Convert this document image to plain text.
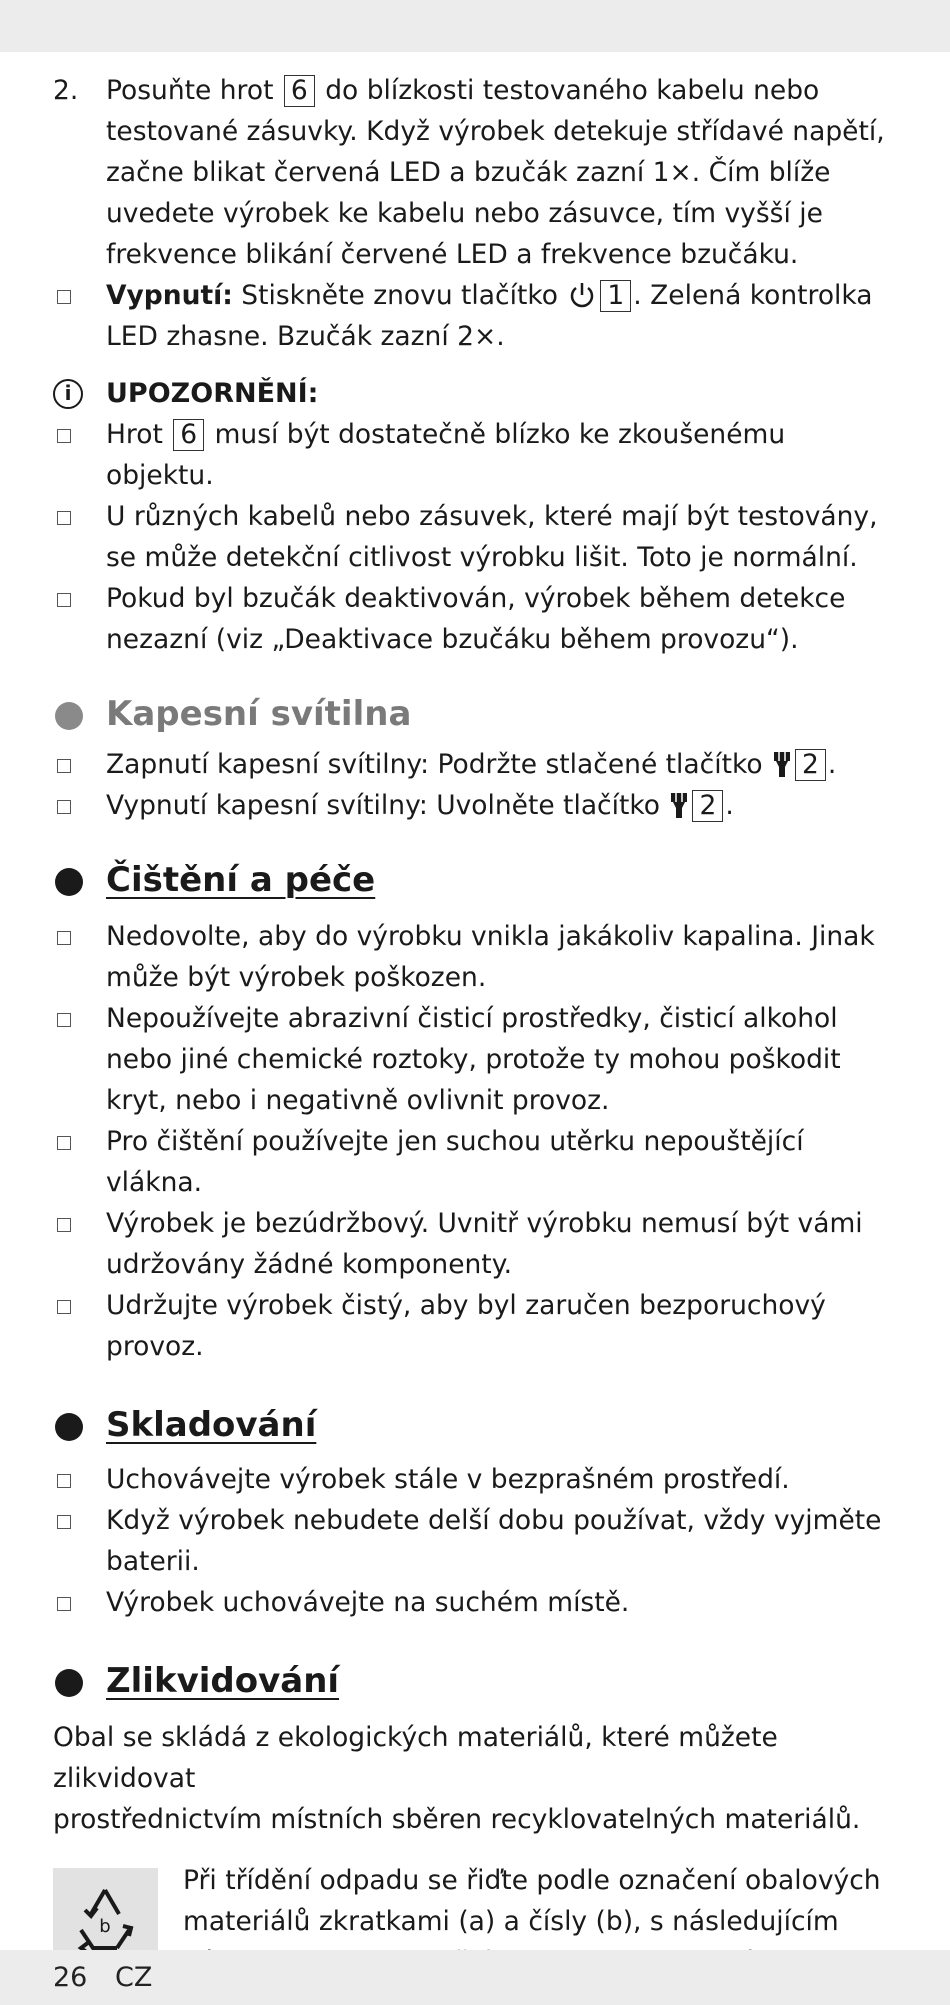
2. Posuňte hrot 6 do blízkosti testovaného kabelu nebo
testované zásuvky. Když výrobek detekuje střídavé napětí,
začne blikat červená LED a bzučák zazní 1×. Čím blíže
uvedete výrobek ke kabelu nebo zásuvce, tím vyšší je
frekvence blikání červené LED a frekvence bzučáku.
Vypnutí: Stiskněte znovu tlačítko 1 . Zelená kontrolka
LED zhasne. Bzučák zazní 2×.
i	UPOZORNĚNÍ:
Hrot 6 musí být dostatečně blízko ke zkoušenému objektu.
U různých kabelů nebo zásuvek, které mají být testovány,
se může detekční citlivost výrobku lišit. Toto je normální.
Pokud byl bzučák deaktivován, výrobek během detekce
nezazní (viz „Deaktivace bzučáku během provozu“).
Kapesní svítilna
Zapnutí kapesní svítilny: Podržte stlačené tlačítko 2 .
Vypnutí kapesní svítilny: Uvolněte tlačítko 2 .
Čištění a péče
Nedovolte, aby do výrobku vnikla jakákoliv kapalina. Jinak
může být výrobek poškozen.
Nepoužívejte abrazivní čisticí prostředky, čisticí alkohol
nebo jiné chemické roztoky, protože ty mohou poškodit
kryt, nebo i negativně ovlivnit provoz.
Pro čištění používejte jen suchou utěrku nepouštějící vlákna.
Výrobek je bezúdržbový. Uvnitř výrobku nemusí být vámi
udržovány žádné komponenty.
Udržujte výrobek čistý, aby byl zaručen bezporuchový
provoz.
Skladování
Uchovávejte výrobek stále v bezprašném prostředí.
Když výrobek nebudete delší dobu používat, vždy vyjměte
baterii.
Výrobek uchovávejte na suchém místě.
Zlikvidování
Obal se skládá z ekologických materiálů, které můžete zlikvidovat
prostřednictvím místních sběren recyklovatelných materiálů.
b
Při třídění odpadu se řiďte podle označení obalových
materiálů zkratkami (a) a čísly (b), s následujícím
26 CZ
